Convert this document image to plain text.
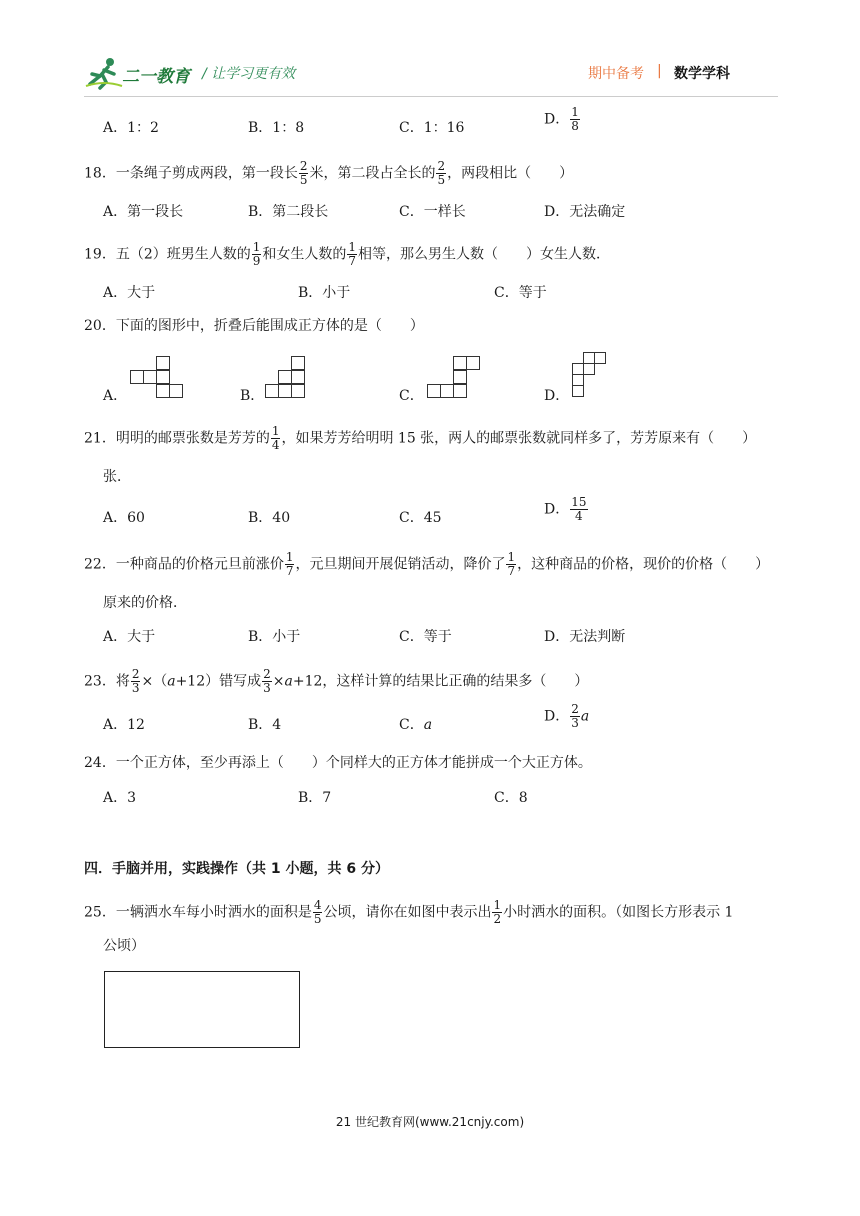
二一教育 / 让学习更有效	期中备考 | 数学学科
A．1：2	B．1：8	C．1：16
D． $\frac{1}{8}$
18．一条绳子剪成两段，第一段长 $\frac{2}{5}$ 米，第二段占全长的 $\frac{2}{5}$ ，两段相比（　　）
A．第一段长	B．第二段长	C．一样长	D．无法确定
19．五（2）班男生人数的 $\frac{1}{9}$ 和女生人数的 $\frac{1}{7}$ 相等，那么男生人数（　　）女生人数．
A．大于	B．小于	C．等于
20．下面的图形中，折叠后能围成正方体的是（　　）
A．	B．	C．	D．
21．明明的邮票张数是芳芳的 $\frac{1}{4}$ ，如果芳芳给明明 15 张，两人的邮票张数就同样多了，芳芳原来有（　　）
张．
A．60	B．40	C．45
D． $\frac{15}{4}$
22．一种商品的价格元旦前涨价 $\frac{1}{7}$ ，元旦期间开展促销活动，降价了 $\frac{1}{7}$ ，这种商品的价格，现价的价格（　　）
原来的价格．
A．大于	B．小于	C．等于	D．无法判断
23．将 $\frac{2}{3} \times(a+12)$错写成 $\frac{2}{3} \times a+12$，这样计算的结果比正确的结果多（　　）
A．12	B．4	C．a
D． $\frac{2}{3}$ a
24．一个正方体，至少再添上（　　）个同样大的正方体才能拼成一个大正方体。
A．3	B．7	C．8
四．手脑并用，实践操作（共 1 小题，共 6 分）
25．一辆洒水车每小时洒水的面积是 $\frac{4}{5}$ 公顷，请你在如图中表示出 $\frac{1}{2}$ 小时洒水的面积。（如图长方形表示 1
公顷）
21 世纪教育网(www.21cnjy.com)
